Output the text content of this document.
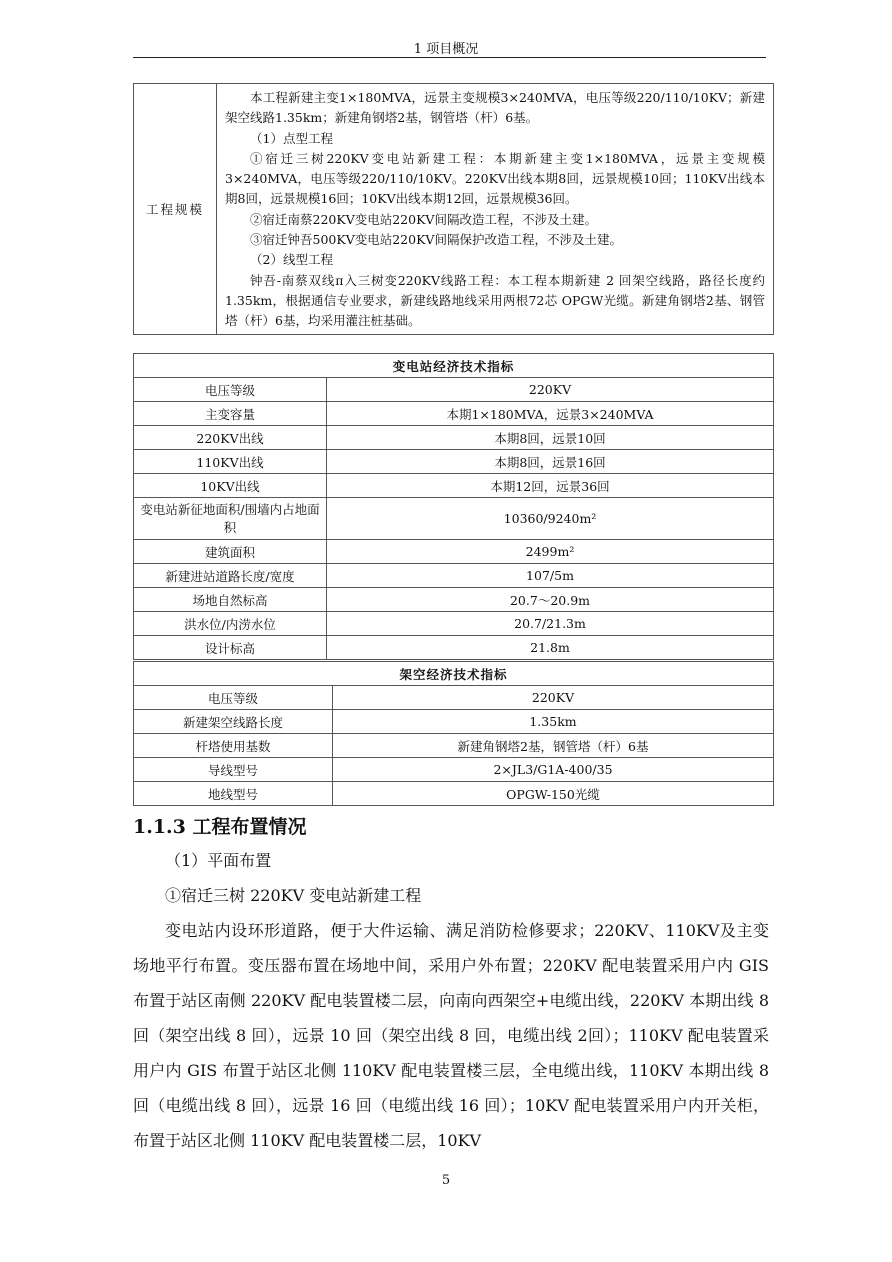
1 项目概况
工程规模	

本工程新建主变1×180MVA，远景主变规模3×240MVA，电压等级220/110/10KV；新建架空线路1.35km；新建角钢塔2基，钢管塔（杆）6基。

（1）点型工程

①宿迁三树220KV变电站新建工程：本期新建主变1×180MVA，远景主变规模3×240MVA，电压等级220/110/10KV。220KV出线本期8回，远景规模10回；110KV出线本期8回，远景规模16回；10KV出线本期12回，远景规模36回。

②宿迁南蔡220KV变电站220KV间隔改造工程，不涉及土建。

③宿迁钟吾500KV变电站220KV间隔保护改造工程，不涉及土建。

（2）线型工程

钟吾-南蔡双线π入三树变220KV线路工程：本工程本期新建 2 回架空线路，路径长度约1.35km，根据通信专业要求，新建线路地线采用两根72芯 OPGW光缆。新建角钢塔2基、钢管塔（杆）6基，均采用灌注桩基础。

变电站经济技术指标	
电压等级	220KV
主变容量	本期1×180MVA，远景3×240MVA
220KV出线	本期8回，远景10回
110KV出线	本期8回，远景16回
10KV出线	本期12回，远景36回
变电站新征地面积/围墙内占地面积	10360/9240m²
建筑面积	2499m²
新建进站道路长度/宽度	107/5m
场地自然标高	20.7～20.9m
洪水位/内涝水位	20.7/21.3m
设计标高	21.8m
架空经济技术指标	
电压等级	220KV
新建架空线路长度	1.35km
杆塔使用基数	新建角钢塔2基，钢管塔（杆）6基
导线型号	2×JL3/G1A-400/35
地线型号	OPGW-150光缆
1.1.3 工程布置情况

（1）平面布置

①宿迁三树 220KV 变电站新建工程

变电站内设环形道路，便于大件运输、满足消防检修要求；220KV、110KV及主变场地平行布置。变压器布置在场地中间，采用户外布置；220KV 配电装置采用户内 GIS 布置于站区南侧 220KV 配电装置楼二层，向南向西架空+电缆出线，220KV 本期出线 8 回（架空出线 8 回），远景 10 回（架空出线 8 回，电缆出线 2回）；110KV 配电装置采用户内 GIS 布置于站区北侧 110KV 配电装置楼三层，全电缆出线，110KV 本期出线 8 回（电缆出线 8 回），远景 16 回（电缆出线 16 回）；10KV 配电装置采用户内开关柜，布置于站区北侧 110KV 配电装置楼二层，10KV

5
